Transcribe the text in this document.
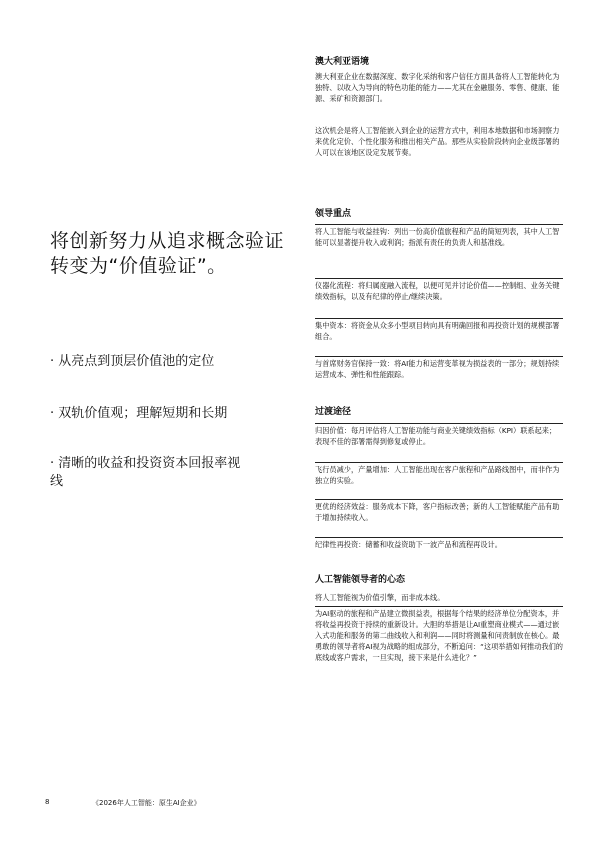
将创新努力从追求概念验证转变为“价值验证”。
· 从亮点到顶层价值池的定位
· 双轨价值观；理解短期和长期
· 清晰的收益和投资资本回报率视线
澳大利亚语境

澳大利亚企业在数据深度、数字化采纳和客户信任方面具备将人工智能转化为独特、以收入为导向的特色功能的能力——尤其在金融服务、零售、健康、能源、采矿和资源部门。

这次机会是将人工智能嵌入到企业的运营方式中，利用本地数据和市场洞察力来优化定价、个性化服务和推出相关产品。那些从实验阶段转向企业级部署的人可以在该地区设定发展节奏。

领导重点
将人工智能与收益挂钩：列出一份高价值旅程和产品的简短列表，其中人工智能可以显著提升收入或利润；指派有责任的负责人和基准线。
仪器化流程：将归属度融入流程，以便可见并讨论价值——控制组、业务关键绩效指标，以及有纪律的停止/继续决策。
集中资本：将资金从众多小型项目转向具有明确回报和再投资计划的规模部署组合。
与首席财务官保持一致：将AI能力和运营变革视为损益表的一部分；规划持续运营成本、弹性和性能跟踪。
过渡途径
归因价值：每月评估将人工智能功能与商业关键绩效指标（KPI）联系起来；表现不佳的部署需得到修复或停止。
飞行员减少，产量增加：人工智能出现在客户旅程和产品路线图中，而非作为独立的实验。
更优的经济效益：服务成本下降，客户指标改善；新的人工智能赋能产品有助于增加持续收入。
纪律性再投资：储蓄和收益资助下一波产品和流程再设计。
人工智能领导者的心态
将人工智能视为价值引擎，而非成本线。
为AI驱动的旅程和产品建立微损益表，根据每个结果的经济单位分配资本，并将收益再投资于持续的重新设计。大胆的举措是让AI重塑商业模式——通过嵌入式功能和服务的第二曲线收入和利润——同时将测量和问责制放在核心。最勇敢的领导者将AI视为战略的组成部分，不断追问：“这项举措如何推动我们的底线或客户需求，一旦实现，接下来是什么进化？”
8	《2026年人工智能：原生AI企业》
